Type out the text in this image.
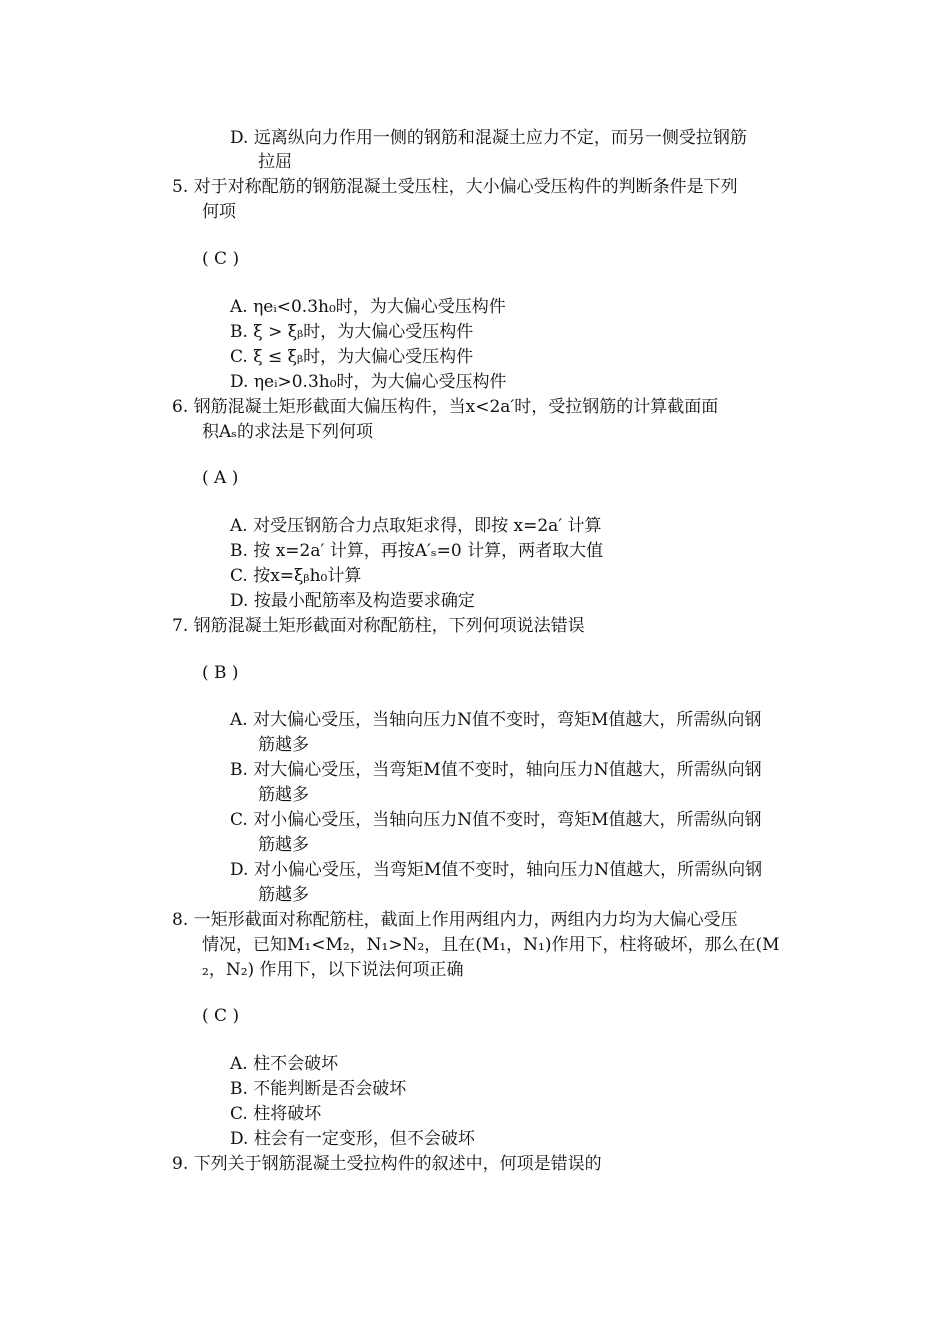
D. 远离纵向力作用一侧的钢筋和混凝土应力不定，而另一侧受拉钢筋
拉屈
5. 对于对称配筋的钢筋混凝土受压柱，大小偏心受压构件的判断条件是下列
何项
( C )
A. ηeᵢ<0.3h₀时，为大偏心受压构件
B. ξ > ξᵦ时，为大偏心受压构件
C. ξ ≤ ξᵦ时，为大偏心受压构件
D. ηeᵢ>0.3h₀时，为大偏心受压构件
6. 钢筋混凝土矩形截面大偏压构件，当x<2a′时，受拉钢筋的计算截面面
积Aₛ的求法是下列何项
( A )
A. 对受压钢筋合力点取矩求得，即按 x=2a′ 计算
B. 按 x=2a′ 计算，再按A′ₛ=0 计算，两者取大值
C. 按x=ξᵦh₀计算
D. 按最小配筋率及构造要求确定
7. 钢筋混凝土矩形截面对称配筋柱，下列何项说法错误
( B )
A. 对大偏心受压，当轴向压力N值不变时，弯矩M值越大，所需纵向钢
筋越多
B. 对大偏心受压，当弯矩M值不变时，轴向压力N值越大，所需纵向钢
筋越多
C. 对小偏心受压，当轴向压力N值不变时，弯矩M值越大，所需纵向钢
筋越多
D. 对小偏心受压，当弯矩M值不变时，轴向压力N值越大，所需纵向钢
筋越多
8. 一矩形截面对称配筋柱，截面上作用两组内力，两组内力均为大偏心受压
情况，已知M₁<M₂，N₁>N₂，且在(M₁，N₁)作用下，柱将破坏，那么在(M
₂，N₂) 作用下，以下说法何项正确
( C )
A. 柱不会破坏
B. 不能判断是否会破坏
C. 柱将破坏
D. 柱会有一定变形，但不会破坏
9. 下列关于钢筋混凝土受拉构件的叙述中，何项是错误的
